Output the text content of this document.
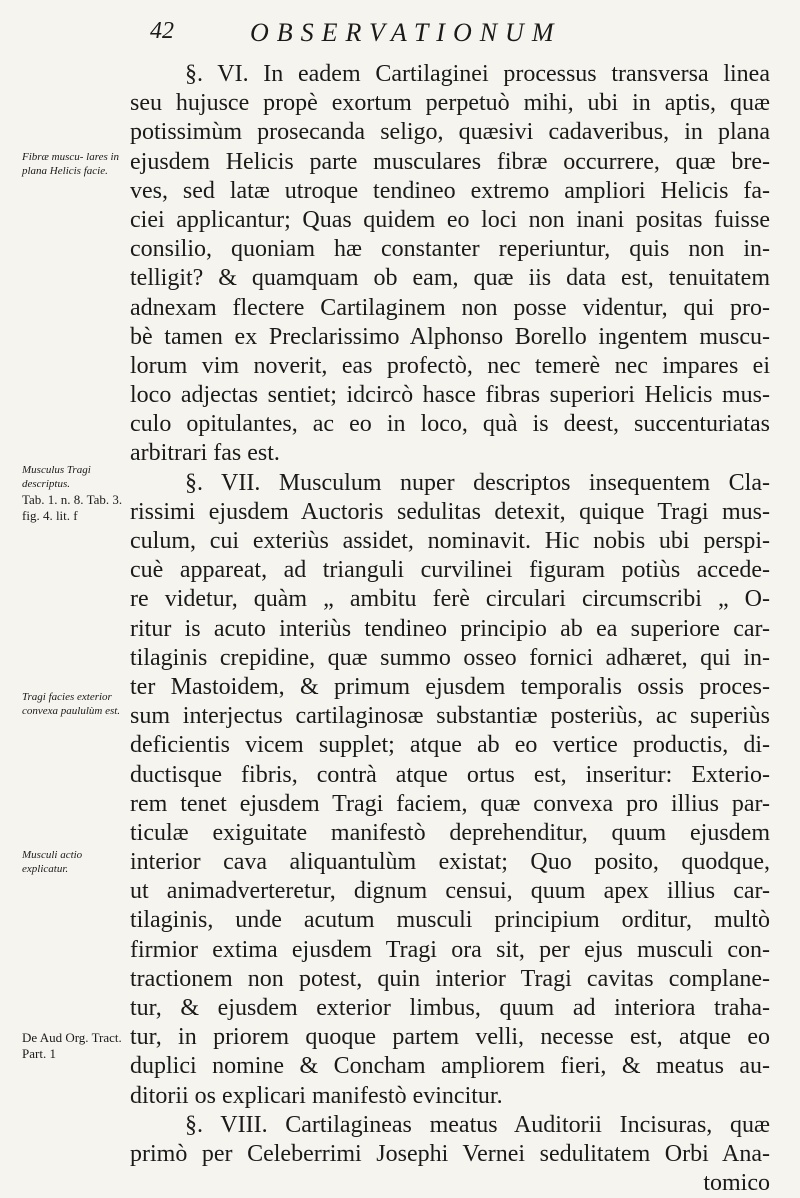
42	OBSERVATIONUM
§. VI. In eadem Cartilaginei processus transversa linea
seu hujusce propè exortum perpetuò mihi, ubi in aptis, quæ
potissimùm prosecanda seligo, quæsivi cadaveribus, in plana
ejusdem Helicis parte musculares fibræ occurrere, quæ bre-
ves, sed latæ utroque tendineo extremo ampliori Helicis fa-
ciei applicantur; Quas quidem eo loci non inani positas fuisse
consilio, quoniam hæ constanter reperiuntur, quis non in-
telligit? & quamquam ob eam, quæ iis data est, tenuitatem
adnexam flectere Cartilaginem non posse videntur, qui pro-
bè tamen ex Preclarissimo Alphonso Borello ingentem muscu-
lorum vim noverit, eas profectò, nec temerè nec impares ei
loco adjectas sentiet; idcircò hasce fibras superiori Helicis mus-
culo opitulantes, ac eo in loco, quà is deest, succenturiatas
arbitrari fas est.
§. VII. Musculum nuper descriptos insequentem Cla-
rissimi ejusdem Auctoris sedulitas detexit, quique Tragi mus-
culum, cui exteriùs assidet, nominavit. Hic nobis ubi perspi-
cuè appareat, ad trianguli curvilinei figuram potiùs accede-
re videtur, quàm „ ambitu ferè circulari circumscribi „ O-
ritur is acuto interiùs tendineo principio ab ea superiore car-
tilaginis crepidine, quæ summo osseo fornici adhæret, qui in-
ter Mastoidem, & primum ejusdem temporalis ossis proces-
sum interjectus cartilaginosæ substantiæ posteriùs, ac superiùs
deficientis vicem supplet; atque ab eo vertice productis, di-
ductisque fibris, contrà atque ortus est, inseritur: Exterio-
rem tenet ejusdem Tragi faciem, quæ convexa pro illius par-
ticulæ exiguitate manifestò deprehenditur, quum ejusdem
interior cava aliquantulùm existat; Quo posito, quodque,
ut animadverteretur, dignum censui, quum apex illius car-
tilaginis, unde acutum musculi principium orditur, multò
firmior extima ejusdem Tragi ora sit, per ejus musculi con-
tractionem non potest, quin interior Tragi cavitas complane-
tur, & ejusdem exterior limbus, quum ad interiora traha-
tur, in priorem quoque partem velli, necesse est, atque eo
duplici nomine & Concham ampliorem fieri, & meatus au-
ditorii os explicari manifestò evincitur.
§. VIII. Cartilagineas meatus Auditorii Incisuras, quæ
primò per Celeberrimi Josephi Vernei sedulitatem Orbi Ana-
tomico
Fibræ muscu- lares in plana Helicis facie.
Musculus Tragi descriptus.
Tab. 1. n. 8. Tab. 3. fig. 4. lit. f
Tragi facies exterior convexa paululùm est.
Musculi actio explicatur.
De Aud Org. Tract. Part. 1
